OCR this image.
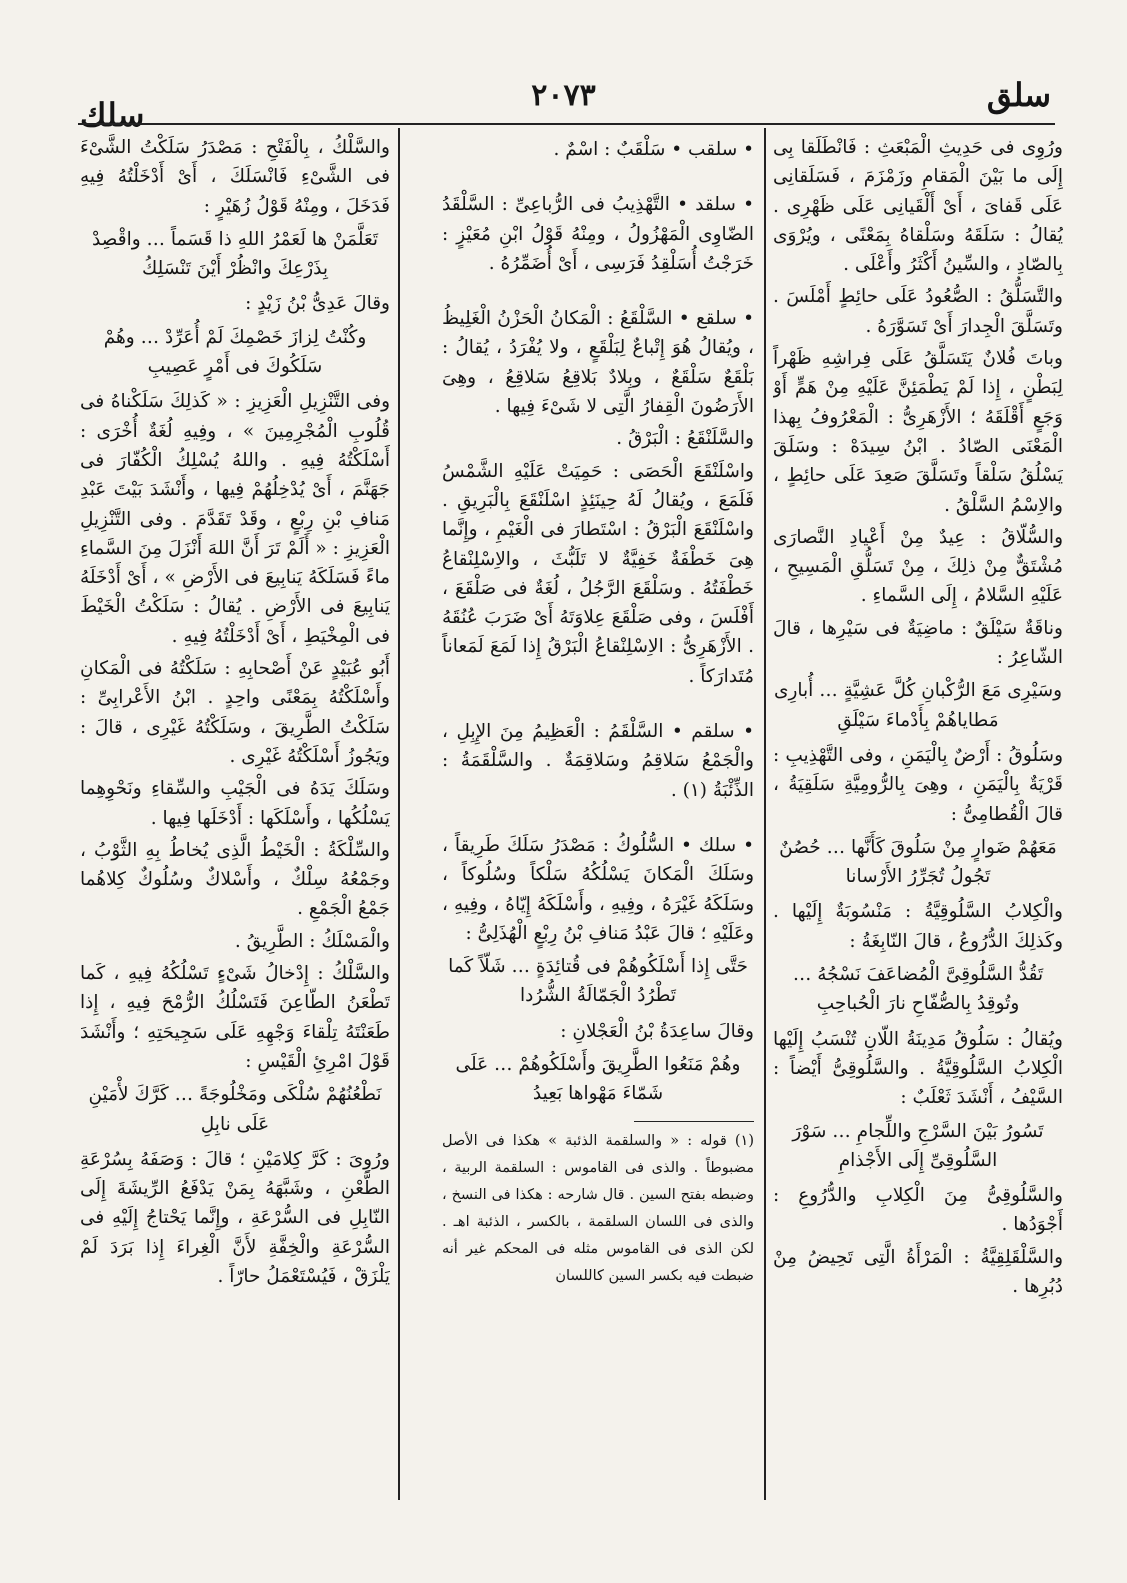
سلق
٢٠٧٣
سلك

ورُوِى فى حَدِيثِ الْمَبْعَثِ : فَانْطَلَقا بِى إِلَى ما بَيْنَ الْمَقامِ وزَمْزَمَ ، فَسَلَقانِى عَلَى قَفاىَ ، أَىْ أَلْقَيانِى عَلَى ظَهْرِى . يُقالُ : سَلَقَهُ وسَلْقاهُ بِمَعْنًى ، ويُرْوَى بِالصّادِ ، والسِّينُ أَكْثَرُ وأَعْلَى .

والتَّسَلُّقُ : الصُّعُودُ عَلَى حائِطٍ أَمْلَسَ . وتَسَلَّقَ الْجِدارَ أَىْ تَسَوَّرَهُ .

وباتَ فُلانٌ يَتَسَلَّقُ عَلَى فِراشِهِ ظَهْراً لِبَطْنٍ ، إِذا لَمْ يَطْمَئِنَّ عَلَيْهِ مِنْ هَمٍّ أَوْ وَجَعٍ أَقْلَقَهُ ؛ الأَزْهَرِىُّ : الْمَعْرُوفُ بِهذا الْمَعْنَى الصّادُ . ابْنُ سِيدَهْ : وسَلَقَ يَسْلُقُ سَلْقاً وتَسَلَّقَ صَعِدَ عَلَى حائِطٍ ، والاِسْمُ السَّلْقُ .

والسُّلّاقُ : عِيدٌ مِنْ أَعْيادِ النَّصارَى مُشْتَقٌّ مِنْ ذلِكَ ، مِنْ تَسَلُّقِ الْمَسِيحِ ، عَلَيْهِ السَّلامُ ، إِلَى السَّماءِ .

وناقَةٌ سَيْلَقٌ : ماضِيَةٌ فى سَيْرِها ، قالَ الشّاعِرُ :

وسَيْرِى مَعَ الرُّكْبانِ كُلَّ عَشِيَّةٍ … أُبارِى مَطاياهُمْ بِأَدْماءَ سَيْلَقِ

وسَلُوقُ : أَرْضٌ بِالْيَمَنِ ، وفى التَّهْذِيبِ : قَرْيَةٌ بِالْيَمَنِ ، وهِىَ بِالرُّومِيَّةِ سَلَقِيَةُ ، قالَ الْقُطامِىُّ :

مَعَهُمْ ضَوارٍ مِنْ سَلُوقَ كَأَنَّها … حُصُنٌ تَجُولُ تُجَرِّرُ الأَرْسانا

والْكِلابُ السَّلُوقِيَّةُ : مَنْسُوبَةٌ إِلَيْها . وكَذلِكَ الدُّرُوعُ ، قالَ النّابِغَةُ :

تَقُدُّ السَّلُوقِىَّ الْمُضاعَفَ نَسْجُهُ … وتُوقِدُ بِالصُّفّاحِ نارَ الْحُباحِبِ

ويُقالُ : سَلُوقُ مَدِينَةُ اللّانِ تُنْسَبُ إِلَيْها الْكِلابُ السَّلُوقِيَّةُ . والسَّلُوقِىُّ أَيْضاً : السَّيْفُ ، أَنْشَدَ ثَعْلَبٌ :

تَسُورُ بَيْنَ السَّرْجِ واللِّجامِ … سَوْرَ السَّلُوقِىِّ إِلَى الأَجْذامِ

والسَّلُوقِىُّ مِنَ الْكِلابِ والدُّرُوعِ : أَجْوَدُها .

والسَّلْقَلِقِيَّةُ : الْمَرْأَةُ الَّتِى تَحِيضُ مِنْ دُبُرِها .

• سلقب • سَلْقَبٌ : اسْمٌ .

• سلقد • التَّهْذِيبُ فى الرُّباعِىِّ : السَّلْقَدُ الضّاوِى الْمَهْزُولُ ، ومِنْهُ قَوْلُ ابْنِ مُعَيْزٍ : خَرَجْتُ أُسَلْقِدُ فَرَسِى ، أَىْ أُضَمِّرُهُ .

• سلقع • السَّلْقَعُ : الْمَكانُ الْحَزْنُ الْغَلِيظُ ، ويُقالُ هُوَ إِتْباعٌ لِبَلْقَعٍ ، ولا يُفْرَدُ ، يُقالُ : بَلْقَعٌ سَلْقَعٌ ، وبِلادٌ بَلاقِعُ سَلاقِعُ ، وهِىَ الأَرَضُونَ الْقِفارُ الَّتِى لا شَىْءَ فِيها .

والسَّلَنْقَعُ : الْبَرْقُ .

واسْلَنْقَعَ الْحَصَى : حَمِيَتْ عَلَيْهِ الشَّمْسُ فَلَمَعَ ، ويُقالُ لَهُ حِينَئِذٍ اسْلَنْقَعَ بِالْبَرِيقِ . واسْلَنْقَعَ الْبَرْقُ : اسْتَطارَ فى الْغَيْمِ ، وإِنَّما هِىَ خَطْفَةٌ خَفِيَّةٌ لا تَلَبُّثَ ، والاِسْلِنْقاعُ خَطْفَتُهُ . وسَلْقَعَ الرَّجُلُ ، لُغَةٌ فى صَلْقَعَ ، أَفْلَسَ ، وفى صَلْقَعَ عِلاوَتَهُ أَىْ ضَرَبَ عُنُقَهُ . الأَزْهَرِىُّ : الاِسْلِنْقاعُ الْبَرْقُ إِذا لَمَعَ لَمَعاناً مُتَدارَكاً .

• سلقم • السَّلْقَمُ : الْعَظِيمُ مِنَ الإِبِلِ ، والْجَمْعُ سَلاقِمُ وسَلاقِمَةٌ . والسَّلْقَمَةُ : الذِّئْبَةُ (١) .

• سلك • السُّلُوكُ : مَصْدَرُ سَلَكَ طَرِيقاً ، وسَلَكَ الْمَكانَ يَسْلُكُهُ سَلْكاً وسُلُوكاً ، وسَلَكَهُ غَيْرَهُ ، وفِيهِ ، وأَسْلَكَهُ إِيّاهُ ، وفِيهِ ، وعَلَيْهِ ؛ قالَ عَبْدُ مَنافِ بْنُ رِبْعٍ الْهُذَلِىُّ :

حَتَّى إِذا أَسْلَكُوهُمْ فى قُتائِدَةٍ … شَلّاً كَما تَطْرُدُ الْجَمّالَةُ الشُّرُدا

وقالَ ساعِدَةُ بْنُ الْعَجْلانِ :

وهُمْ مَنَعُوا الطَّرِيقَ وأَسْلَكُوهُمْ … عَلَى شَمّاءَ مَهْواها بَعِيدُ

(١) قوله : « والسلقمة الذئبة » هكذا فى الأصل مضبوطاً . والذى فى القاموس : السلقمة الربية ، وضبطه بفتح السين . قال شارحه : هكذا فى النسخ ، والذى فى اللسان السلقمة ، بالكسر ، الذئبة اهـ . لكن الذى فى القاموس مثله فى المحكم غير أنه ضبطت فيه بكسر السين كاللسان

والسَّلْكُ ، بِالْفَتْحِ : مَصْدَرُ سَلَكْتُ الشَّىْءَ فى الشَّىْءِ فَانْسَلَكَ ، أَىْ أَدْخَلْتُهُ فِيهِ فَدَخَلَ ، ومِنْهُ قَوْلُ زُهَيْرٍ :

تَعَلَّمَنْ ها لَعَمْرُ اللهِ ذا قَسَماً … واقْصِدْ بِذَرْعِكَ وانْظُرْ أَيْنَ تَنْسَلِكُ

وقالَ عَدِىُّ بْنُ زَيْدٍ :

وكُنْتُ لِزازَ خَصْمِكَ لَمْ أُعَرِّدْ … وهُمْ سَلَكُوكَ فى أَمْرٍ عَصِيبِ

وفى التَّنْزِيلِ الْعَزِيزِ : « كَذلِكَ سَلَكْناهُ فى قُلُوبِ الْمُجْرِمِينَ » ، وفِيهِ لُغَةٌ أُخْرَى : أَسْلَكْتُهُ فِيهِ . واللهُ يُسْلِكُ الْكُفّارَ فى جَهَنَّمَ ، أَىْ يُدْخِلُهُمْ فِيها ، وأَنْشَدَ بَيْتَ عَبْدِ مَنافِ بْنِ رِبْعٍ ، وقَدْ تَقَدَّمَ . وفى التَّنْزِيلِ الْعَزِيزِ : « أَلَمْ تَرَ أَنَّ اللهَ أَنْزَلَ مِنَ السَّماءِ ماءً فَسَلَكَهُ يَنابِيعَ فى الأَرْضِ » ، أَىْ أَدْخَلَهُ يَنابِيعَ فى الأَرْضِ . يُقالُ : سَلَكْتُ الْخَيْطَ فى الْمِخْيَطِ ، أَىْ أَدْخَلْتُهُ فِيهِ .

أَبُو عُبَيْدٍ عَنْ أَصْحابِهِ : سَلَكْتُهُ فى الْمَكانِ وأَسْلَكْتُهُ بِمَعْنًى واحِدٍ . ابْنُ الأَعْرابِىِّ : سَلَكْتُ الطَّرِيقَ ، وسَلَكْتُهُ غَيْرِى ، قالَ : ويَجُوزُ أَسْلَكْتُهُ غَيْرِى .

وسَلَكَ يَدَهُ فى الْجَيْبِ والسِّقاءِ ونَحْوِهِما يَسْلُكُها ، وأَسْلَكَها : أَدْخَلَها فِيها .

والسِّلْكَةُ : الْخَيْطُ الَّذِى يُخاطُ بِهِ الثَّوْبُ ، وجَمْعُهُ سِلْكٌ ، وأَسْلاكٌ وسُلُوكٌ كِلاهُما جَمْعُ الْجَمْعِ .

والْمَسْلَكُ : الطَّرِيقُ .

والسَّلْكُ : إِدْخالُ شَىْءٍ تَسْلُكُهُ فِيهِ ، كَما تَطْعَنُ الطّاعِنَ فَتَسْلُكُ الرُّمْحَ فِيهِ ، إِذا طَعَنْتَهُ تِلْقاءَ وَجْهِهِ عَلَى سَجِيحَتِهِ ؛ وأَنْشَدَ قَوْلَ امْرِئِ الْقَيْسِ :

نَطْعُنُهُمْ سُلْكَى ومَخْلُوجَةً … كَرَّكَ لأْمَيْنِ عَلَى نابِلِ

ورُوِىَ : كَرَّ كِلامَيْنِ ؛ قالَ : وَصَفَهُ بِسُرْعَةِ الطَّعْنِ ، وشَبَّهَهُ بِمَنْ يَدْفَعُ الرِّيشَةَ إِلَى النّابِلِ فى السُّرْعَةِ ، وإِنَّما يَحْتاجُ إِلَيْهِ فى السُّرْعَةِ والْخِفَّةِ لأَنَّ الْغِراءَ إِذا بَرَدَ لَمْ يَلْزَقْ ، فَيُسْتَعْمَلُ حارّاً .
